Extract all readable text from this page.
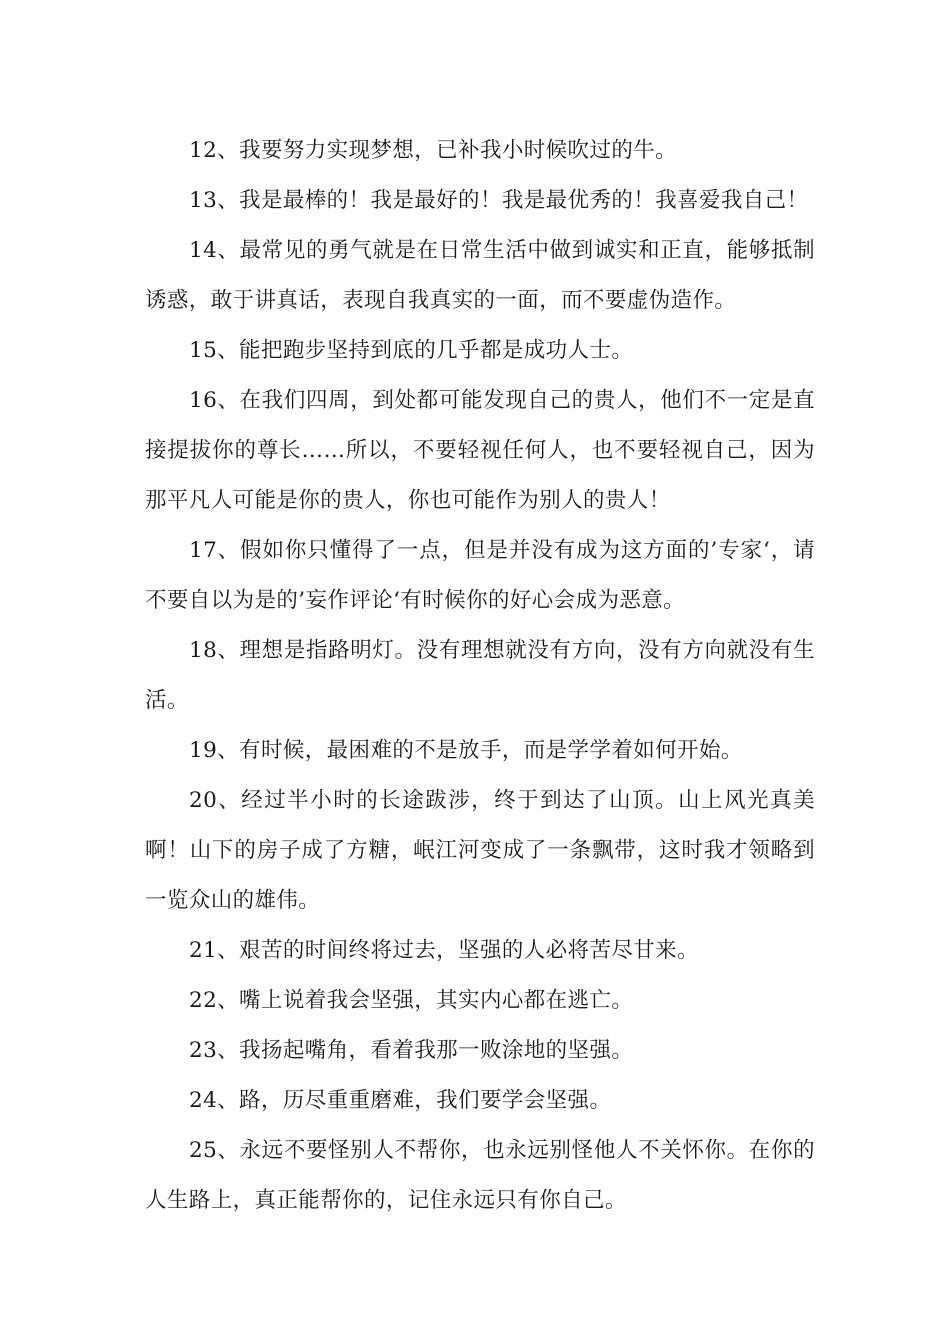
12、我要努力实现梦想，已补我小时候吹过的牛。

13、我是最棒的！我是最好的！我是最优秀的！我喜爱我自己！

14、最常见的勇气就是在日常生活中做到诚实和正直，能够抵制诱惑，敢于讲真话，表现自我真实的一面，而不要虚伪造作。

15、能把跑步坚持到底的几乎都是成功人士。

16、在我们四周，到处都可能发现自己的贵人，他们不一定是直接提拔你的尊长……所以，不要轻视任何人，也不要轻视自己，因为那平凡人可能是你的贵人，你也可能作为别人的贵人！

17、假如你只懂得了一点，但是并没有成为这方面的’专家‘，请不要自以为是的’妄作评论‘有时候你的好心会成为恶意。

18、理想是指路明灯。没有理想就没有方向，没有方向就没有生活。

19、有时候，最困难的不是放手，而是学学着如何开始。

20、经过半小时的长途跋涉，终于到达了山顶。山上风光真美啊！山下的房子成了方糖，岷江河变成了一条飘带，这时我才领略到一览众山的雄伟。

21、艰苦的时间终将过去，坚强的人必将苦尽甘来。

22、嘴上说着我会坚强，其实内心都在逃亡。

23、我扬起嘴角，看着我那一败涂地的坚强。

24、路，历尽重重磨难，我们要学会坚强。

25、永远不要怪别人不帮你，也永远别怪他人不关怀你。在你的人生路上，真正能帮你的，记住永远只有你自己。
